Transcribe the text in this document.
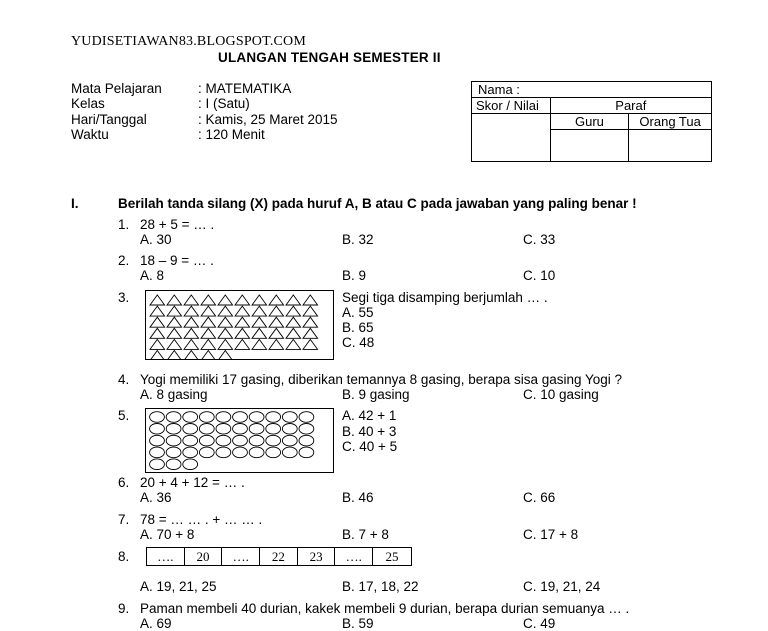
YUDISETIAWAN83.BLOGSPOT.COM
ULANGAN TENGAH SEMESTER II
Mata Pelajaran	: MATEMATIKA
Kelas	: I (Satu)
Hari/Tanggal	: Kamis, 25 Maret 2015
Waktu	: 120 Menit
Nama :		
Skor / Nilai	Paraf	
	Guru	Orang Tua

I.	Berilah tanda silang (X) pada huruf A, B atau C pada jawaban yang paling benar !
1. 28 + 5 = … .
A. 30	B. 32	C. 33
2. 18 – 9 = … .
A. 8	B. 9	C. 10
3.	Segi tiga disamping berjumlah … .
A. 55
B. 65
C. 48
4. Yogi memiliki 17 gasing, diberikan temannya 8 gasing, berapa sisa gasing Yogi ?
A. 8 gasing	B. 9 gasing	C. 10 gasing
5.	A. 42 + 1
B. 40 + 3
C. 40 + 5
6. 20 + 4 + 12 = … .
A. 36	B. 46	C. 66
7. 78 = … … . + … … .
A. 70 + 8	B. 7 + 8	C. 17 + 8
8.	….	20	….	22	23	….	25
A. 19, 21, 25	B. 17, 18, 22	C. 19, 21, 24
9. Paman membeli 40 durian, kakek membeli 9 durian, berapa durian semuanya … .
A. 69	B. 59	C. 49
